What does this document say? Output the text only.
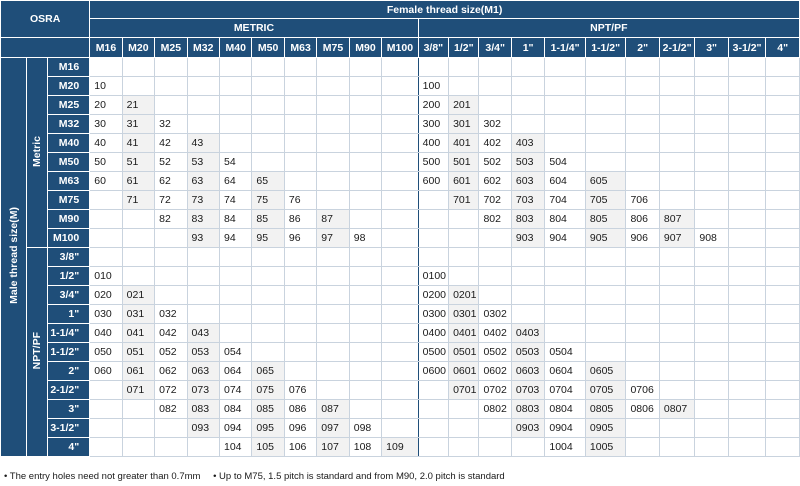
OSRA			Female thread size(M1)																				
			METRIC										NPT/PF										
			M16	M20	M25	M32	M40	M50	M63	M75	M90	M100	3/8"	1/2"	3/4"	1"	1-1/4"	1-1/2"	2"	2-1/2"	3"	3-1/2"	4"
Male thread size(M)	Metric	M16																					
		M20	10										100										
		M25	20	21									200	201									
		M32	30	31	32								300	301	302								
		M40	40	41	42	43							400	401	402	403							
		M50	50	51	52	53	54						500	501	502	503	504						
		M63	60	61	62	63	64	65					600	601	602	603	604	605					
		M75		71	72	73	74	75	76					701	702	703	704	705	706				
		M90			82	83	84	85	86	87					802	803	804	805	806	807			
		M100				93	94	95	96	97	98					903	904	905	906	907	908		
	NPT/PF	3/8"																					
		1/2"	010										0100										
		3/4"	020	021									0200	0201									
		1"	030	031	032								0300	0301	0302								
		1-1/4"	040	041	042	043							0400	0401	0402	0403							
		1-1/2"	050	051	052	053	054						0500	0501	0502	0503	0504						
		2"	060	061	062	063	064	065					0600	0601	0602	0603	0604	0605					
		2-1/2"		071	072	073	074	075	076					0701	0702	0703	0704	0705	0706				
		3"			082	083	084	085	086	087					0802	0803	0804	0805	0806	0807			
		3-1/2"				093	094	095	096	097	098					0903	0904	0905					
		4"					104	105	106	107	108	109					1004	1005					
• The entry holes need not greater than 0.7mm • Up to M75, 1.5 pitch is standard and from M90, 2.0 pitch is standard
